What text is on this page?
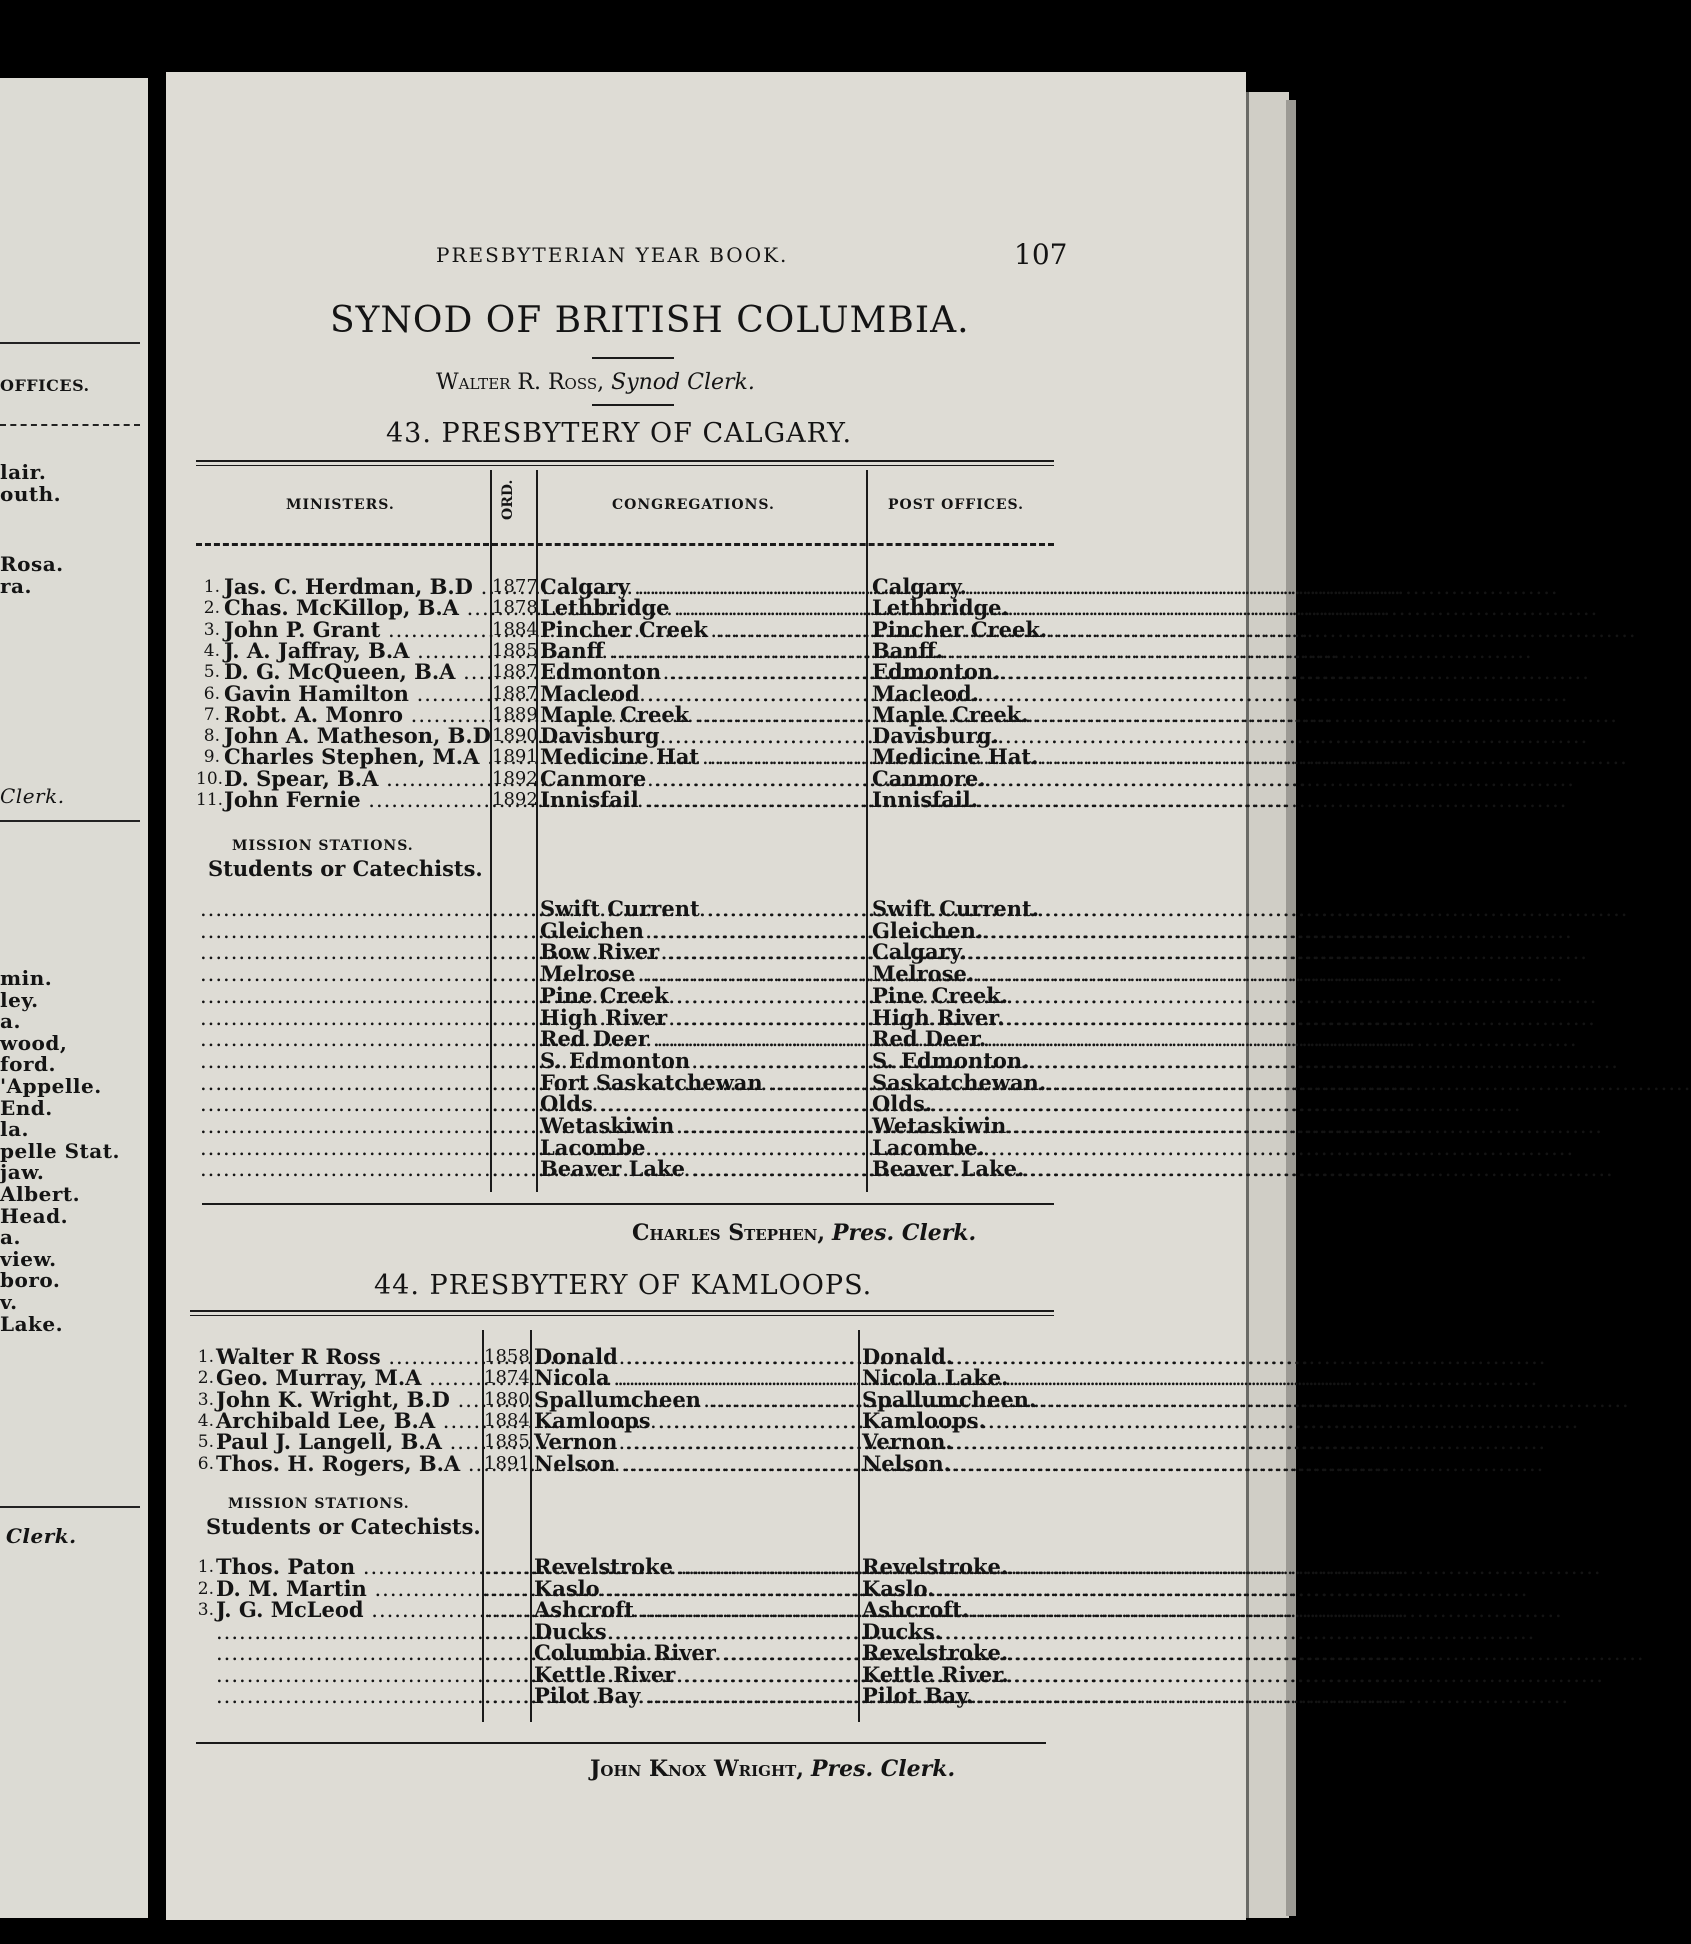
OFFICES.
lair.
outh.
Rosa.
ra.
Clerk.
min.
ley.
a.
wood,
ford.
'Appelle.
End.
la.
pelle Stat.
jaw.
Albert.
Head.
a.
view.
boro.
v.
Lake.
Clerk.
PRESBYTERIAN YEAR BOOK.	107
SYNOD OF BRITISH COLUMBIA.
Walter R. Ross, Synod Clerk.
43. PRESBYTERY OF CALGARY.
MINISTERS.	ORD.	CONGREGATIONS.	POST OFFICES.
1. Jas. C. Herdman, B.D .....	1877 Calgary .....	Calgary.
2. Chas. McKillop, B.A .....	1878 Lethbridge .....	Lethbridge.
3. John P. Grant .....	1884 Pincher Creek .....	Pincher Creek.
4. J. A. Jaffray, B.A .....	1885 Banff .....	Banff.
5. D. G. McQueen, B.A .....	1887 Edmonton .....	Edmonton.
6. Gavin Hamilton .....	1887 Macleod .....	Macleod.
7. Robt. A. Monro .....	1889 Maple Creek .....	Maple Creek.
8. John A. Matheson, B.D ..... 1890 Davisburg .....	Davisburg.
9. Charles Stephen, M.A ..... 1891 Medicine Hat .....	Medicine Hat.
10. D. Spear, B.A .....	1892 Canmore .....	Canmore.
11. John Fernie .....	1892 Innisfail .....	Innisfail.
MISSION STATIONS.
Students or Catechists.
.....
.....
Swift Current .....	Swift Current.
.....
.....
Gleichen .....	Gleichen.
.....
.....
Bow River .....	Calgary.
.....
.....
Melrose .....	Melrose.
.....
.....
Pine Creek .....	Pine Creek.
.....
.....
High River .....	High River.
.....
.....
Red Deer .....	Red Deer.
.....
.....
S. Edmonton .....	S. Edmonton.
.....
.....
Fort Saskatchewan .....	Saskatchewan.
.....
.....
Olds .....	Olds.
.....
.....
Wetaskiwin .....	Wetaskiwin
.....
.....
Lacombe .....	Lacombe.
.....
.....
Beaver Lake .....	Beaver Lake.
Charles Stephen, Pres. Clerk.
44. PRESBYTERY OF KAMLOOPS.
1. Walter R Ross .....	1858 Donald .....	Donald.
2. Geo. Murray, M.A .....	1874 Nicola .....	Nicola Lake.
3. John K. Wright, B.D .....	1880 Spallumcheen .....	Spallumcheen.
4. Archibald Lee, B.A .....	1884 Kamloops .....	Kamloops.
5. Paul J. Langell, B.A .....	1885 Vernon .....	Vernon.
6. Thos. H. Rogers, B.A .....	1891 Nelson .....	Nelson.
MISSION STATIONS.
Students or Catechists.
1. Thos. Paton ..... .....	Revelstroke .....	Revelstroke.
2. D. M. Martin ..... .....	Kaslo .....	Kaslo.
3. J. G. McLeod ..... .....	Ashcroft .....	Ashcroft.
.....
.....
Ducks .....	Ducks.
.....
.....
Columbia River .....	Revelstroke.
.....
.....
Kettle River .....	Kettle River.
.....
.....
Pilot Bay .....	Pilot Bay.
John Knox Wright, Pres. Clerk.
